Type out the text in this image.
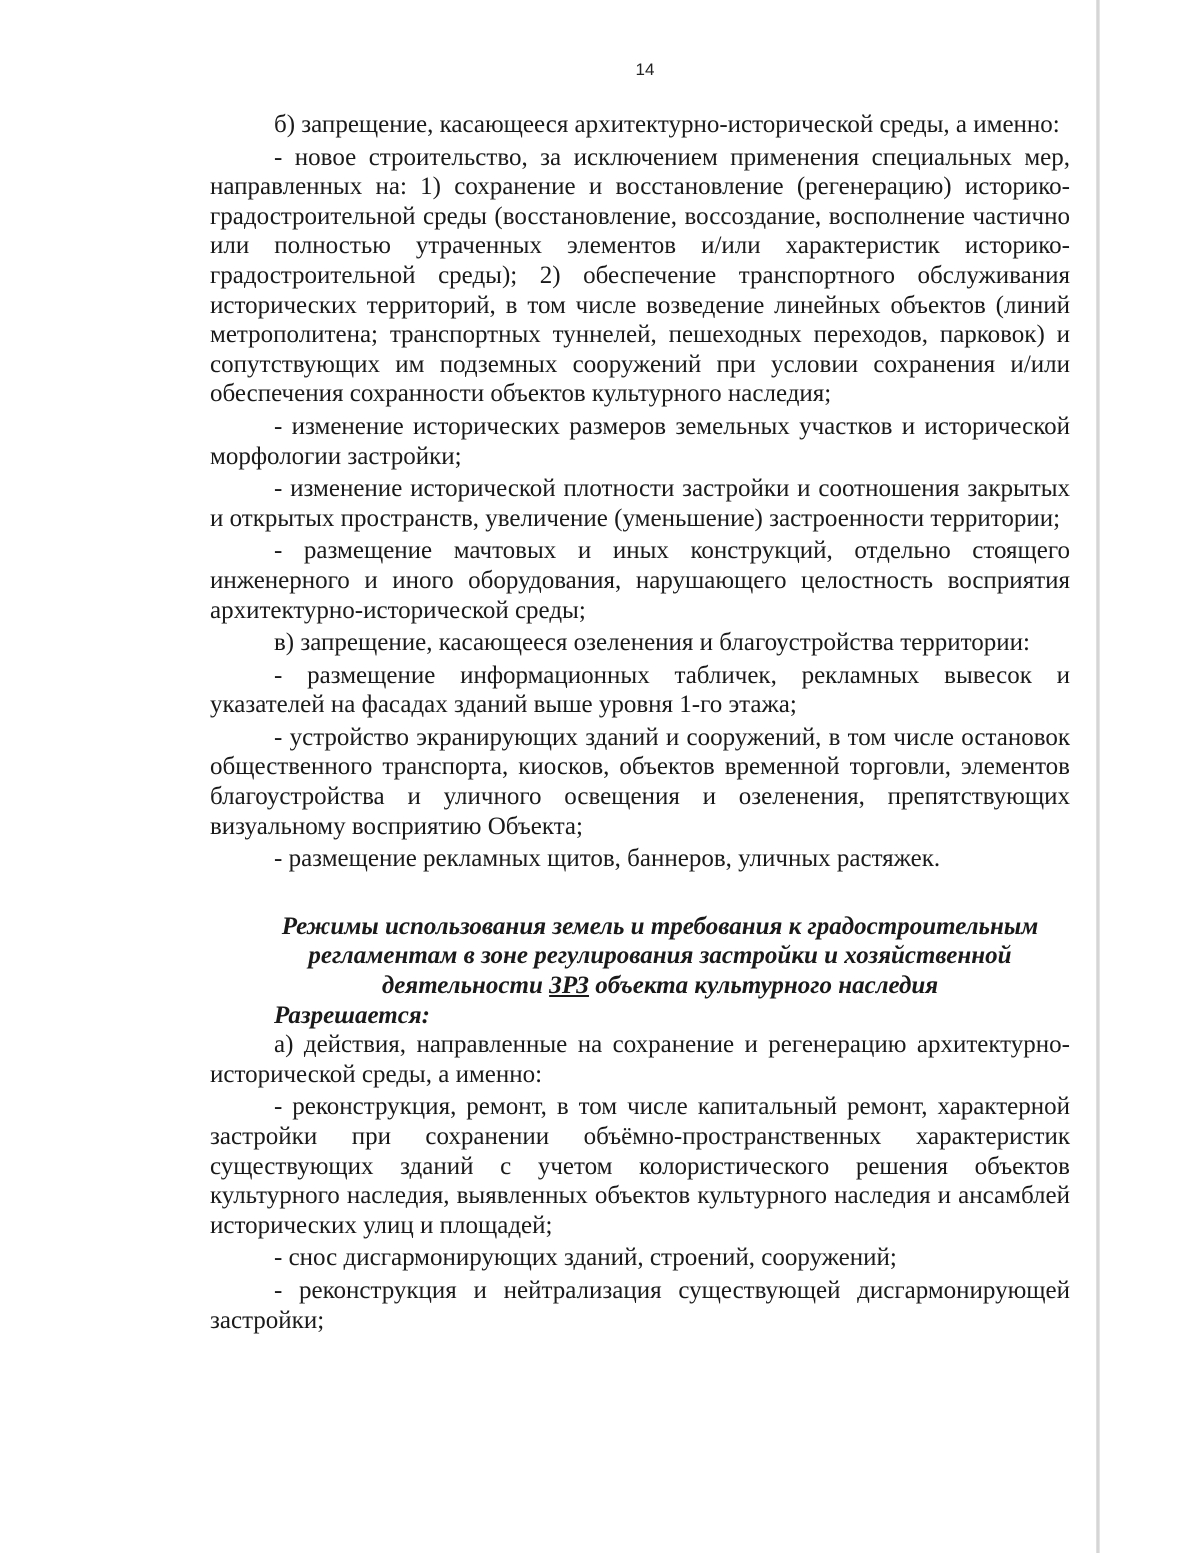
14

б) запрещение, касающееся архитектурно-исторической среды, а именно:

- новое строительство, за исключением применения специальных мер, направленных на: 1) сохранение и восстановление (регенерацию) историко-градостроительной среды (восстановление, воссоздание, восполнение частично или полностью утраченных элементов и/или характеристик историко-градостроительной среды); 2) обеспечение транспортного обслуживания исторических территорий, в том числе возведение линейных объектов (линий метрополитена; транспортных туннелей, пешеходных переходов, парковок) и сопутствующих им подземных сооружений при условии сохранения и/или обеспечения сохранности объектов культурного наследия;

- изменение исторических размеров земельных участков и исторической морфологии застройки;

- изменение исторической плотности застройки и соотношения закрытых и открытых пространств, увеличение (уменьшение) застроенности территории;

- размещение мачтовых и иных конструкций, отдельно стоящего инженерного и иного оборудования, нарушающего целостность восприятия архитектурно-исторической среды;

в) запрещение, касающееся озеленения и благоустройства территории:

- размещение информационных табличек, рекламных вывесок и указателей на фасадах зданий выше уровня 1-го этажа;

- устройство экранирующих зданий и сооружений, в том числе остановок общественного транспорта, киосков, объектов временной торговли, элементов благоустройства и уличного освещения и озеленения, препятствующих визуальному восприятию Объекта;

- размещение рекламных щитов, баннеров, уличных растяжек.

Режимы использования земель и требования к градостроительным регламентам в зоне регулирования застройки и хозяйственной деятельности ЗРЗ объекта культурного наследия

Разрешается:

а) действия, направленные на сохранение и регенерацию архитектурно-исторической среды, а именно:

- реконструкция, ремонт, в том числе капитальный ремонт, характерной застройки при сохранении объёмно-пространственных характеристик существующих зданий с учетом колористического решения объектов культурного наследия, выявленных объектов культурного наследия и ансамблей исторических улиц и площадей;

- снос дисгармонирующих зданий, строений, сооружений;

- реконструкция и нейтрализация существующей дисгармонирующей застройки;
